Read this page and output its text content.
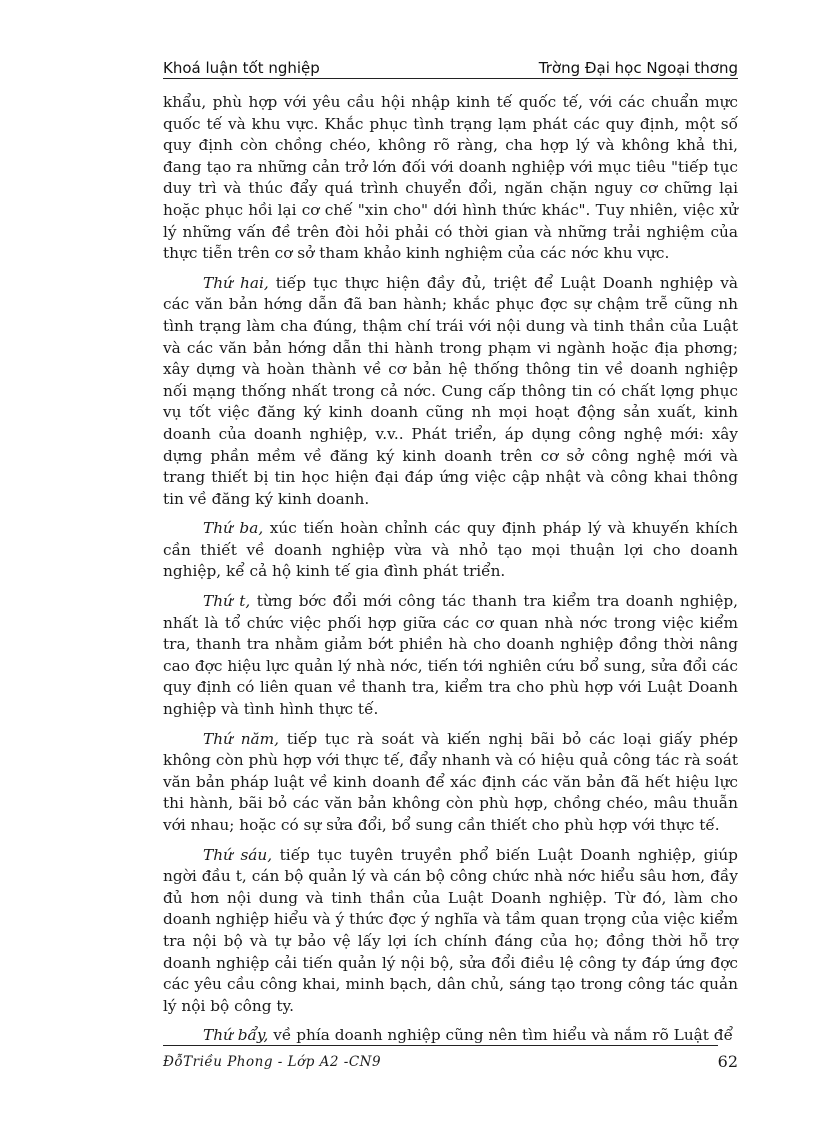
Khoá luận tốt nghiệp	Trờng Đại học Ngoại thơng

khẩu, phù hợp với yêu cầu hội nhập kinh tế quốc tế, với các chuẩn mực quốc tế và khu vực. Khắc phục tình trạng lạm phát các quy định, một số quy định còn chồng chéo, không rõ ràng, cha hợp lý và không khả thi, đang tạo ra những cản trở lớn đối với doanh nghiệp với mục tiêu "tiếp tục duy trì và thúc đẩy quá trình chuyển đổi, ngăn chặn nguy cơ chững lại hoặc phục hồi lại cơ chế "xin cho" dới hình thức khác". Tuy nhiên, việc xử lý những vấn đề trên đòi hỏi phải có thời gian và những trải nghiệm của thực tiễn trên cơ sở tham khảo kinh nghiệm của các nớc khu vực.

Thứ hai, tiếp tục thực hiện đầy đủ, triệt để Luật Doanh nghiệp và các văn bản hớng dẫn đã ban hành; khắc phục đợc sự chậm trễ cũng nh tình trạng làm cha đúng, thậm chí trái với nội dung và tinh thần của Luật và các văn bản hớng dẫn thi hành trong phạm vi ngành hoặc địa phơng; xây dựng và hoàn thành về cơ bản hệ thống thông tin về doanh nghiệp nối mạng thống nhất trong cả nớc. Cung cấp thông tin có chất lợng phục vụ tốt việc đăng ký kinh doanh cũng nh mọi hoạt động sản xuất, kinh doanh của doanh nghiệp, v.v.. Phát triển, áp dụng công nghệ mới: xây dựng phần mềm về đăng ký kinh doanh trên cơ sở công nghệ mới và trang thiết bị tin học hiện đại đáp ứng việc cập nhật và công khai thông tin về đăng ký kinh doanh.

Thứ ba, xúc tiến hoàn chỉnh các quy định pháp lý và khuyến khích cần thiết về doanh nghiệp vừa và nhỏ tạo mọi thuận lợi cho doanh nghiệp, kể cả hộ kinh tế gia đình phát triển.

Thứ t, từng bớc đổi mới công tác thanh tra kiểm tra doanh nghiệp, nhất là tổ chức việc phối hợp giữa các cơ quan nhà nớc trong việc kiểm tra, thanh tra nhằm giảm bớt phiền hà cho doanh nghiệp đồng thời nâng cao đợc hiệu lực quản lý nhà nớc, tiến tới nghiên cứu bổ sung, sửa đổi các quy định có liên quan về thanh tra, kiểm tra cho phù hợp với Luật Doanh nghiệp và tình hình thực tế.

Thứ năm, tiếp tục rà soát và kiến nghị bãi bỏ các loại giấy phép không còn phù hợp với thực tế, đẩy nhanh và có hiệu quả công tác rà soát văn bản pháp luật về kinh doanh để xác định các văn bản đã hết hiệu lực thi hành, bãi bỏ các văn bản không còn phù hợp, chồng chéo, mâu thuẫn với nhau; hoặc có sự sửa đổi, bổ sung cần thiết cho phù hợp với thực tế.

Thứ sáu, tiếp tục tuyên truyền phổ biến Luật Doanh nghiệp, giúp ngời đầu t, cán bộ quản lý và cán bộ công chức nhà nớc hiểu sâu hơn, đầy đủ hơn nội dung và tinh thần của Luật Doanh nghiệp. Từ đó, làm cho doanh nghiệp hiểu và ý thức đợc ý nghĩa và tầm quan trọng của việc kiểm tra nội bộ và tự bảo vệ lấy lợi ích chính đáng của họ; đồng thời hỗ trợ doanh nghiệp cải tiến quản lý nội bộ, sửa đổi điều lệ công ty đáp ứng đợc các yêu cầu công khai, minh bạch, dân chủ, sáng tạo trong công tác quản lý nội bộ công ty.

Thứ bẩy, về phía doanh nghiệp cũng nên tìm hiểu và nắm rõ Luật để

ĐỗTriều Phong - Lớp A2 -CN9	62
